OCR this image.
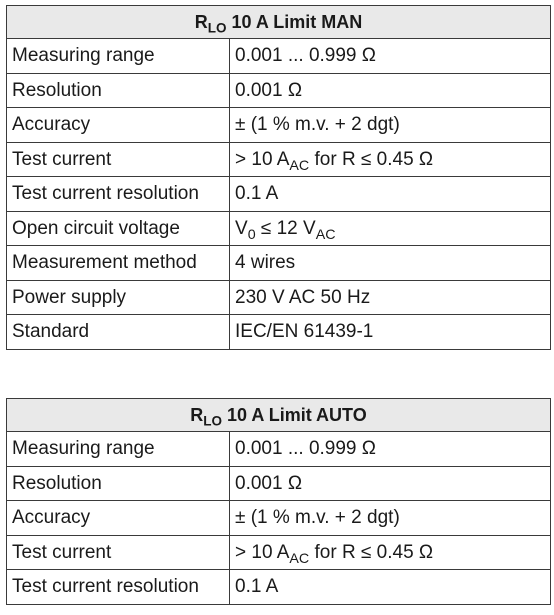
$R_{LO}$ 10 A Limit MAN	
Measuring range	0.001 ... 0.999 Ω
Resolution	0.001 Ω
Accuracy	± (1 % m.v. + 2 dgt)
Test current	> 10 $A_{AC}$ for R ≤ 0.45 Ω
Test current resolution	0.1 A
Open circuit voltage	$V_0 \le 12$ $V_{AC}$
Measurement method	4 wires
Power supply	230 V AC 50 Hz
Standard	IEC/EN 61439-1
$R_{LO}$ 10 A Limit AUTO	
Measuring range	0.001 ... 0.999 Ω
Resolution	0.001 Ω
Accuracy	± (1 % m.v. + 2 dgt)
Test current	> 10 $A_{AC}$ for R ≤ 0.45 Ω
Test current resolution	0.1 A
